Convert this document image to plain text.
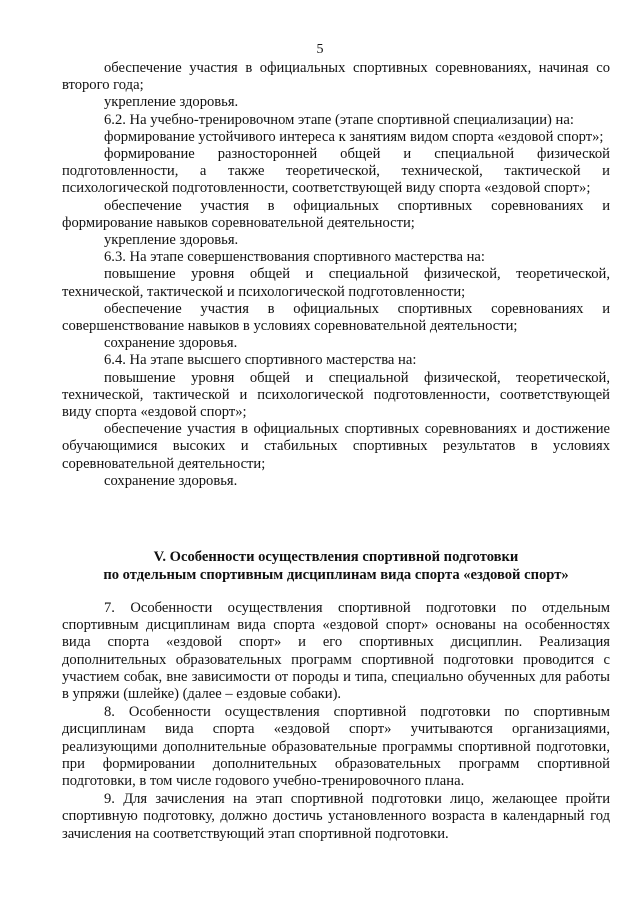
5

обеспечение участия в официальных спортивных соревнованиях, начиная со второго года;

укрепление здоровья.

6.2. На учебно-тренировочном этапе (этапе спортивной специализации) на:

формирование устойчивого интереса к занятиям видом спорта «ездовой спорт»;

формирование разносторонней общей и специальной физической подготовленности, а также теоретической, технической, тактической и психологической подготовленности, соответствующей виду спорта «ездовой спорт»;

обеспечение участия в официальных спортивных соревнованиях и формирование навыков соревновательной деятельности;

укрепление здоровья.

6.3. На этапе совершенствования спортивного мастерства на:

повышение уровня общей и специальной физической, теоретической, технической, тактической и психологической подготовленности;

обеспечение участия в официальных спортивных соревнованиях и совершенствование навыков в условиях соревновательной деятельности;

сохранение здоровья.

6.4. На этапе высшего спортивного мастерства на:

повышение уровня общей и специальной физической, теоретической, технической, тактической и психологической подготовленности, соответствующей виду спорта «ездовой спорт»;

обеспечение участия в официальных спортивных соревнованиях и достижение обучающимися высоких и стабильных спортивных результатов в условиях соревновательной деятельности;

сохранение здоровья.

V. Особенности осуществления спортивной подготовки
по отдельным спортивным дисциплинам вида спорта «ездовой спорт»

7. Особенности осуществления спортивной подготовки по отдельным спортивным дисциплинам вида спорта «ездовой спорт» основаны на особенностях вида спорта «ездовой спорт» и его спортивных дисциплин. Реализация дополнительных образовательных программ спортивной подготовки проводится с участием собак, вне зависимости от породы и типа, специально обученных для работы в упряжи (шлейке) (далее – ездовые собаки).

8. Особенности осуществления спортивной подготовки по спортивным дисциплинам вида спорта «ездовой спорт» учитываются организациями, реализующими дополнительные образовательные программы спортивной подготовки, при формировании дополнительных образовательных программ спортивной подготовки, в том числе годового учебно-тренировочного плана.

9. Для зачисления на этап спортивной подготовки лицо, желающее пройти спортивную подготовку, должно достичь установленного возраста в календарный год зачисления на соответствующий этап спортивной подготовки.
